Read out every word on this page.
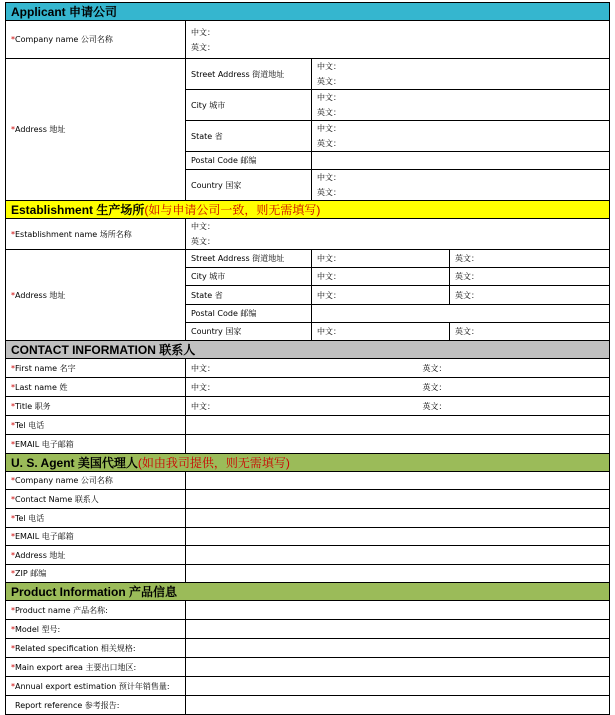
Applicant 申请公司				
*Company name 公司名称	中文：
英文：			

*Address 地址	Street Address 街道地址	中文：
英文：		

	City 城市	中文：
英文：		

	State 省	中文：
英文：		

	Postal Code 邮编			
	Country 国家	中文：
英文：		

Establishment 生产场所(如与申请公司一致，则无需填写)				
*Establishment name 场所名称	中文：
英文：			

*Address 地址	Street Address 街道地址	中文：		英文：
	City 城市	中文：		英文：
	State 省	中文：		英文：
	Postal Code 邮编			
	Country 国家	中文：		英文：
CONTACT INFORMATION 联系人				
*First name 名字	中文：		英文：	
*Last name 姓	中文：		英文：	
*Title 职务	中文：		英文：	
*Tel 电话				
*EMAIL 电子邮箱				
U. S. Agent 美国代理人(如由我司提供，则无需填写)				
*Company name 公司名称				
*Contact Name 联系人				
*Tel 电话				
*EMAIL 电子邮箱				
*Address 地址				
*ZIP 邮编				
Product Information 产品信息				
*Product name 产品名称:				
*Model 型号:				
*Related specification 相关规格:				
*Main export area 主要出口地区:				
*Annual export estimation 预计年销售量:				
Report reference 参考报告:				
